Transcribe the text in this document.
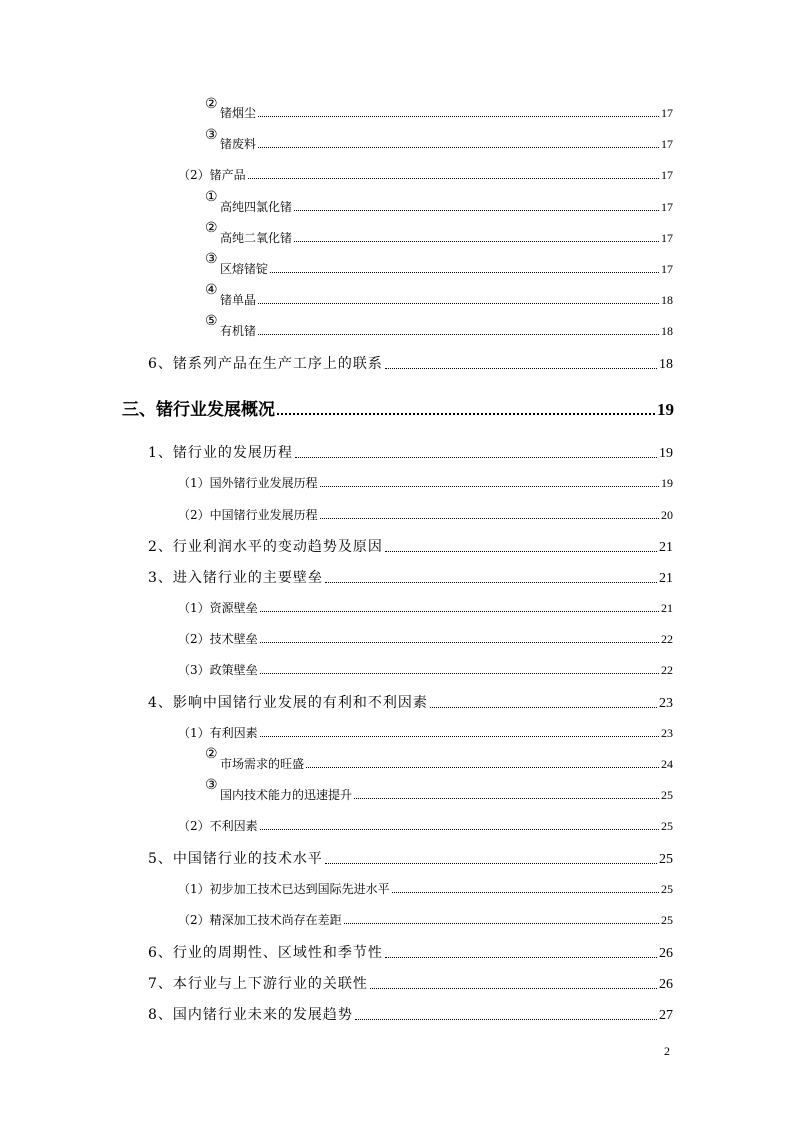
②
锗烟尘	17
③
锗废料	17
（2）锗产品	17
①
高纯四氯化锗	17
②
高纯二氧化锗	17
③
区熔锗锭	17
④
锗单晶	18
⑤
有机锗	18
6、锗系列产品在生产工序上的联系	18
三、锗行业发展概况	19
1、锗行业的发展历程	19
（1）国外锗行业发展历程	19
（2）中国锗行业发展历程	20
2、行业利润水平的变动趋势及原因	21
3、进入锗行业的主要壁垒	21
（1）资源壁垒	21
（2）技术壁垒	22
（3）政策壁垒	22
4、影响中国锗行业发展的有利和不利因素	23
（1）有利因素	23
②
市场需求的旺盛	24
③
国内技术能力的迅速提升	25
（2）不利因素	25
5、中国锗行业的技术水平	25
（1）初步加工技术已达到国际先进水平	25
（2）精深加工技术尚存在差距	25
6、行业的周期性、区域性和季节性	26
7、本行业与上下游行业的关联性	26
8、国内锗行业未来的发展趋势	27
2
